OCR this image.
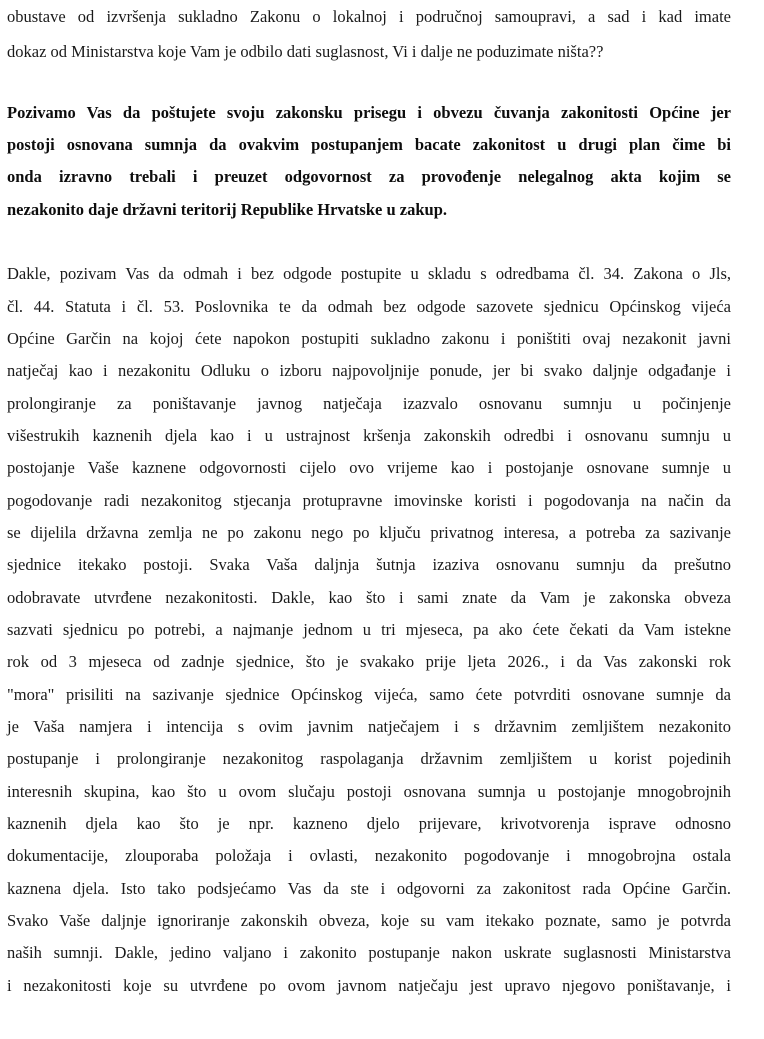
obustave od izvršenja sukladno Zakonu o lokalnoj i područnoj samoupravi, a sad i kad imate
dokaz od Ministarstva koje Vam je odbilo dati suglasnost, Vi i dalje ne poduzimate ništa??
Pozivamo Vas da poštujete svoju zakonsku prisegu i obvezu čuvanja zakonitosti Općine jer
postoji osnovana sumnja da ovakvim postupanjem bacate zakonitost u drugi plan čime bi
onda izravno trebali i preuzet odgovornost za provođenje nelegalnog akta kojim se
nezakonito daje državni teritorij Republike Hrvatske u zakup.
Dakle, pozivam Vas da odmah i bez odgode postupite u skladu s odredbama čl. 34. Zakona o Jls,
čl. 44. Statuta i čl. 53. Poslovnika te da odmah bez odgode sazovete sjednicu Općinskog vijeća
Općine Garčin na kojoj ćete napokon postupiti sukladno zakonu i poništiti ovaj nezakonit javni
natječaj kao i nezakonitu Odluku o izboru najpovoljnije ponude, jer bi svako daljnje odgađanje i
prolongiranje za poništavanje javnog natječaja izazvalo osnovanu sumnju u počinjenje
višestrukih kaznenih djela kao i u ustrajnost kršenja zakonskih odredbi i osnovanu sumnju u
postojanje Vaše kaznene odgovornosti cijelo ovo vrijeme kao i postojanje osnovane sumnje u
pogodovanje radi nezakonitog stjecanja protupravne imovinske koristi i pogodovanja na način da
se dijelila državna zemlja ne po zakonu nego po ključu privatnog interesa, a potreba za sazivanje
sjednice itekako postoji. Svaka Vaša daljnja šutnja izaziva osnovanu sumnju da prešutno
odobravate utvrđene nezakonitosti. Dakle, kao što i sami znate da Vam je zakonska obveza
sazvati sjednicu po potrebi, a najmanje jednom u tri mjeseca, pa ako ćete čekati da Vam istekne
rok od 3 mjeseca od zadnje sjednice, što je svakako prije ljeta 2026., i da Vas zakonski rok
"mora" prisiliti na sazivanje sjednice Općinskog vijeća, samo ćete potvrditi osnovane sumnje da
je Vaša namjera i intencija s ovim javnim natječajem i s državnim zemljištem nezakonito
postupanje i prolongiranje nezakonitog raspolaganja državnim zemljištem u korist pojedinih
interesnih skupina, kao što u ovom slučaju postoji osnovana sumnja u postojanje mnogobrojnih
kaznenih djela kao što je npr. kazneno djelo prijevare, krivotvorenja isprave odnosno
dokumentacije, zlouporaba položaja i ovlasti, nezakonito pogodovanje i mnogobrojna ostala
kaznena djela. Isto tako podsjećamo Vas da ste i odgovorni za zakonitost rada Općine Garčin.
Svako Vaše daljnje ignoriranje zakonskih obveza, koje su vam itekako poznate, samo je potvrda
naših sumnji. Dakle, jedino valjano i zakonito postupanje nakon uskrate suglasnosti Ministarstva
i nezakonitosti koje su utvrđene po ovom javnom natječaju jest upravo njegovo poništavanje, i
